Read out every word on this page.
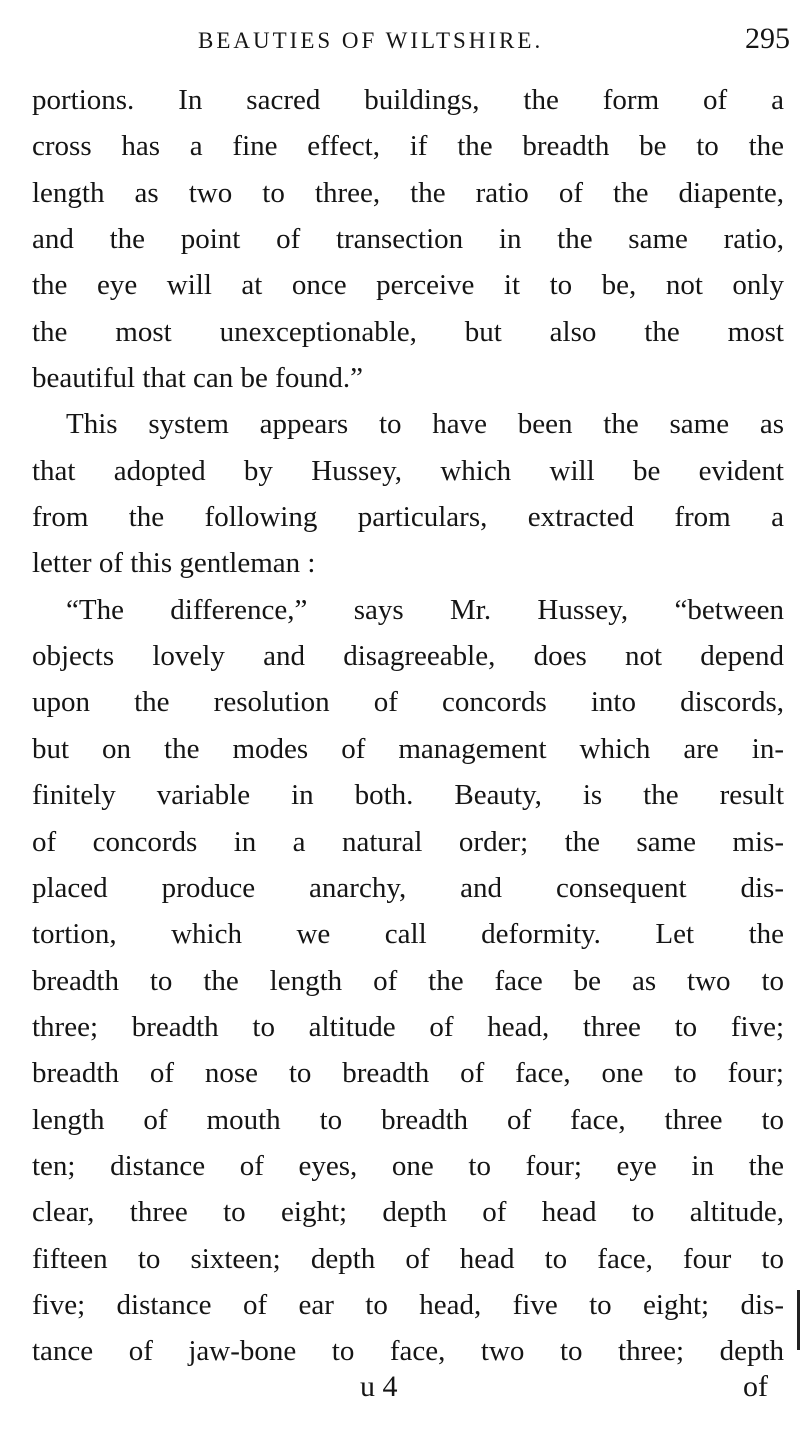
BEAUTIES OF WILTSHIRE.	295
portions. In sacred buildings, the form of a
cross has a fine effect, if the breadth be to the
length as two to three, the ratio of the diapente,
and the point of transection in the same ratio,
the eye will at once perceive it to be, not only
the most unexceptionable, but also the most
beautiful that can be found.”
This system appears to have been the same as
that adopted by Hussey, which will be evident
from the following particulars, extracted from a
letter of this gentleman :
“The difference,” says Mr. Hussey, “between
objects lovely and disagreeable, does not depend
upon the resolution of concords into discords,
but on the modes of management which are in-
finitely variable in both. Beauty, is the result
of concords in a natural order; the same mis-
placed produce anarchy, and consequent dis-
tortion, which we call deformity. Let the
breadth to the length of the face be as two to
three; breadth to altitude of head, three to five;
breadth of nose to breadth of face, one to four;
length of mouth to breadth of face, three to
ten; distance of eyes, one to four; eye in the
clear, three to eight; depth of head to altitude,
fifteen to sixteen; depth of head to face, four to
five; distance of ear to head, five to eight; dis-
tance of jaw-bone to face, two to three; depth
u 4	of
